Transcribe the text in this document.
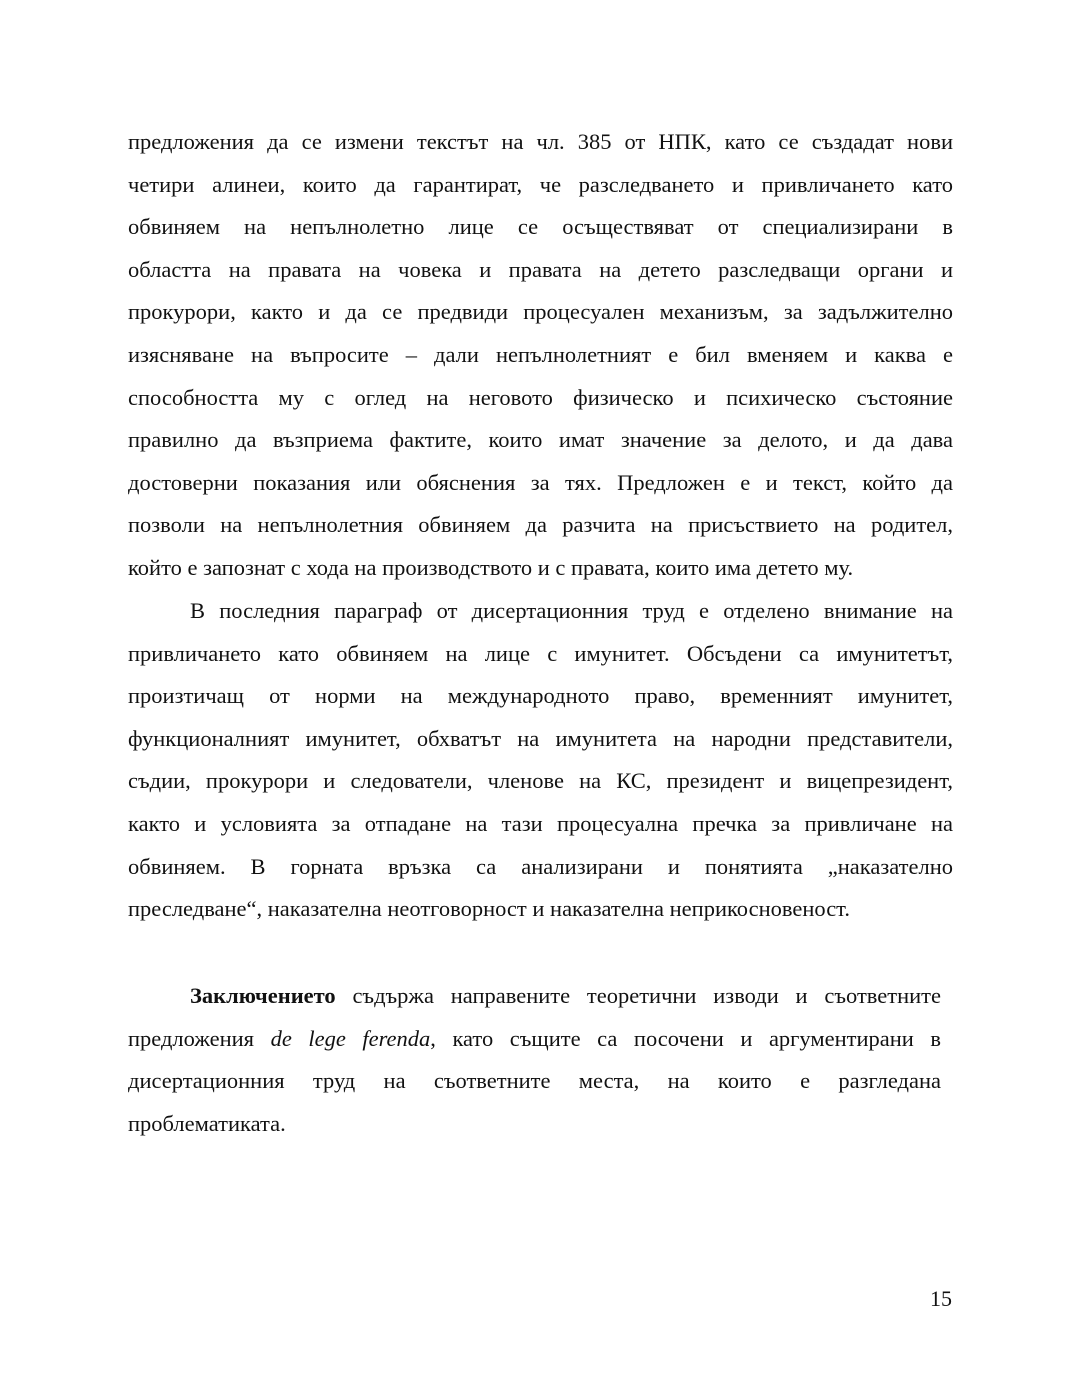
предложения да се измени текстът на чл. 385 от НПК, като се създадат нови
четири алинеи, които да гарантират, че разследването и привличането като
обвиняем на непълнолетно лице се осъществяват от специализирани в
областта на правата на човека и правата на детето разследващи органи и
прокурори, както и да се предвиди процесуален механизъм, за задължително
изясняване на въпросите – дали непълнолетният е бил вменяем и каква е
способността му с оглед на неговото физическо и психическо състояние
правилно да възприема фактите, които имат значение за делото, и да дава
достоверни показания или обяснения за тях. Предложен е и текст, който да
позволи на непълнолетния обвиняем да разчита на присъствието на родител,
който е запознат с хода на производството и с правата, които има детето му.

В последния параграф от дисертационния труд е отделено внимание на
привличането като обвиняем на лице с имунитет. Обсъдени са имунитетът,
произтичащ от норми на международното право, временният имунитет,
функционалният имунитет, обхватът на имунитета на народни представители,
съдии, прокурори и следователи, членове на КС, президент и вицепрезидент,
както и условията за отпадане на тази процесуална пречка за привличане на
обвиняем. В горната връзка са анализирани и понятията „наказателно
преследване“, наказателна неотговорност и наказателна неприкосновеност.

Заключението съдържа направените теоретични изводи и съответните
предложения de lege ferenda, като същите са посочени и аргументирани в
дисертационния труд на съответните места, на които е разгледана
проблематиката.

15
